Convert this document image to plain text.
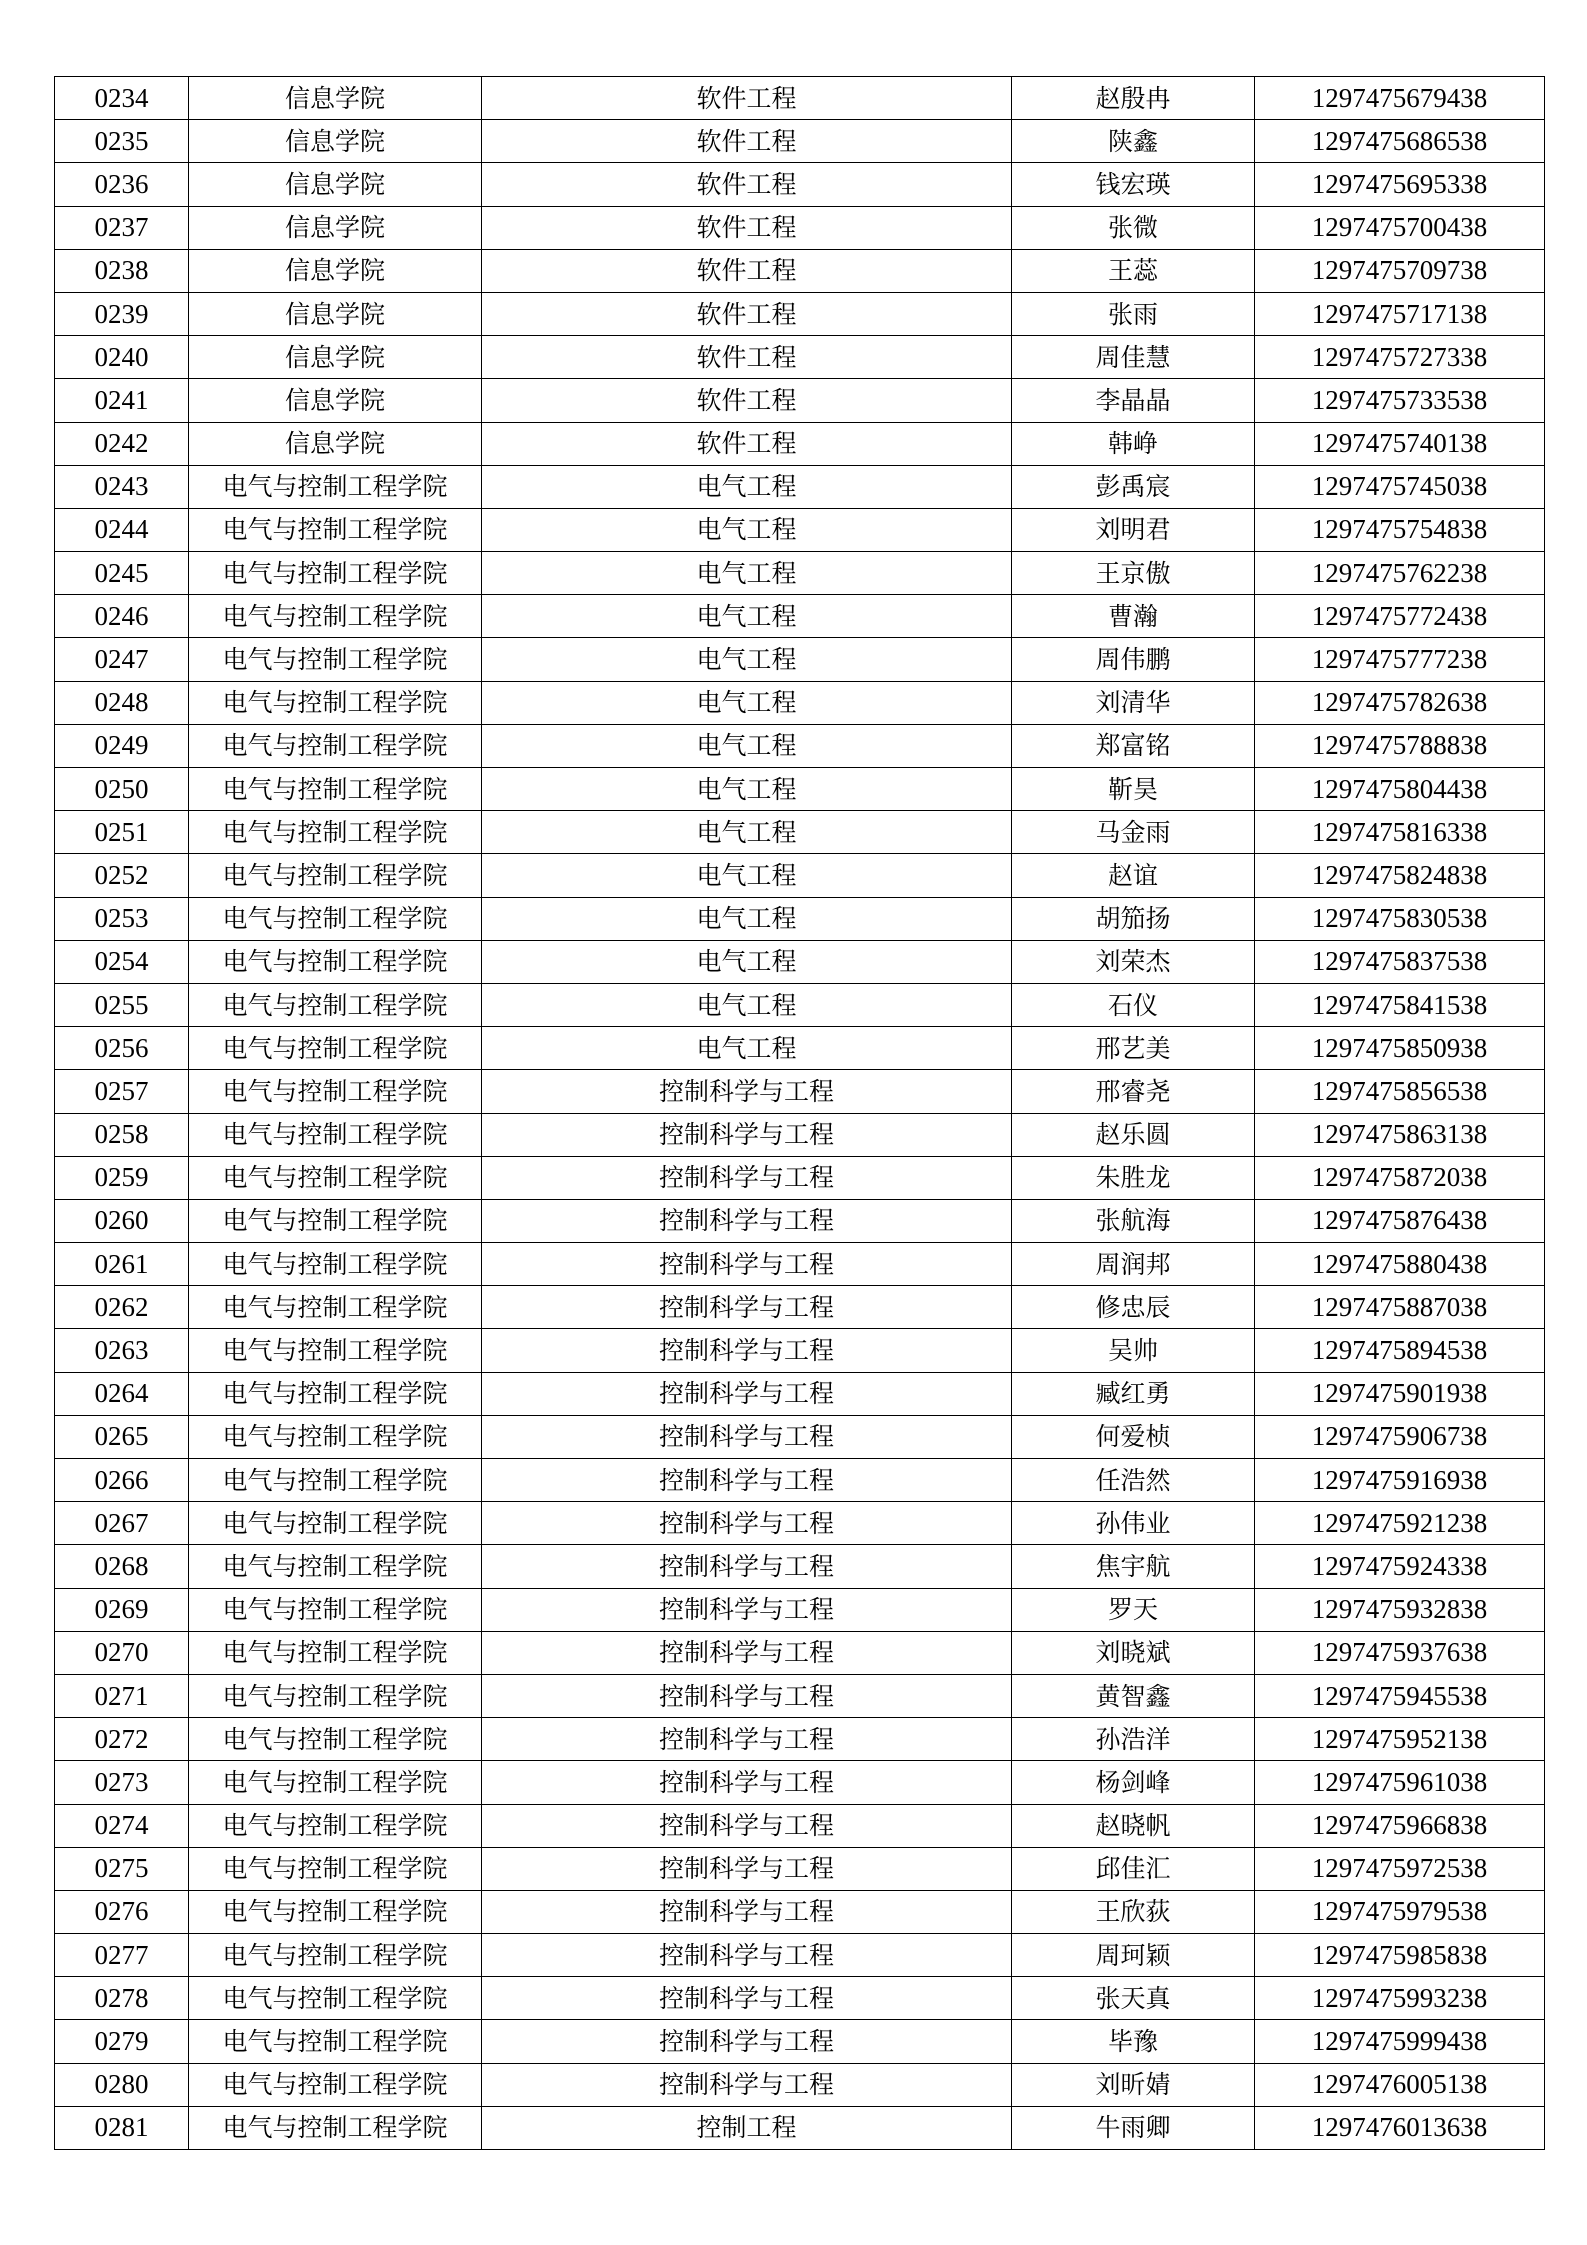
0234	信息学院	软件工程	赵殷冉	1297475679438
0235	信息学院	软件工程	陕鑫	1297475686538
0236	信息学院	软件工程	钱宏瑛	1297475695338
0237	信息学院	软件工程	张微	1297475700438
0238	信息学院	软件工程	王蕊	1297475709738
0239	信息学院	软件工程	张雨	1297475717138
0240	信息学院	软件工程	周佳慧	1297475727338
0241	信息学院	软件工程	李晶晶	1297475733538
0242	信息学院	软件工程	韩峥	1297475740138
0243	电气与控制工程学院	电气工程	彭禹宸	1297475745038
0244	电气与控制工程学院	电气工程	刘明君	1297475754838
0245	电气与控制工程学院	电气工程	王京傲	1297475762238
0246	电气与控制工程学院	电气工程	曹瀚	1297475772438
0247	电气与控制工程学院	电气工程	周伟鹏	1297475777238
0248	电气与控制工程学院	电气工程	刘清华	1297475782638
0249	电气与控制工程学院	电气工程	郑富铭	1297475788838
0250	电气与控制工程学院	电气工程	靳昊	1297475804438
0251	电气与控制工程学院	电气工程	马金雨	1297475816338
0252	电气与控制工程学院	电气工程	赵谊	1297475824838
0253	电气与控制工程学院	电气工程	胡笳扬	1297475830538
0254	电气与控制工程学院	电气工程	刘荣杰	1297475837538
0255	电气与控制工程学院	电气工程	石仪	1297475841538
0256	电气与控制工程学院	电气工程	邢艺美	1297475850938
0257	电气与控制工程学院	控制科学与工程	邢睿尧	1297475856538
0258	电气与控制工程学院	控制科学与工程	赵乐圆	1297475863138
0259	电气与控制工程学院	控制科学与工程	朱胜龙	1297475872038
0260	电气与控制工程学院	控制科学与工程	张航海	1297475876438
0261	电气与控制工程学院	控制科学与工程	周润邦	1297475880438
0262	电气与控制工程学院	控制科学与工程	修忠辰	1297475887038
0263	电气与控制工程学院	控制科学与工程	吴帅	1297475894538
0264	电气与控制工程学院	控制科学与工程	臧红勇	1297475901938
0265	电气与控制工程学院	控制科学与工程	何爱桢	1297475906738
0266	电气与控制工程学院	控制科学与工程	任浩然	1297475916938
0267	电气与控制工程学院	控制科学与工程	孙伟业	1297475921238
0268	电气与控制工程学院	控制科学与工程	焦宇航	1297475924338
0269	电气与控制工程学院	控制科学与工程	罗天	1297475932838
0270	电气与控制工程学院	控制科学与工程	刘晓斌	1297475937638
0271	电气与控制工程学院	控制科学与工程	黄智鑫	1297475945538
0272	电气与控制工程学院	控制科学与工程	孙浩洋	1297475952138
0273	电气与控制工程学院	控制科学与工程	杨剑峰	1297475961038
0274	电气与控制工程学院	控制科学与工程	赵晓帆	1297475966838
0275	电气与控制工程学院	控制科学与工程	邱佳汇	1297475972538
0276	电气与控制工程学院	控制科学与工程	王欣荻	1297475979538
0277	电气与控制工程学院	控制科学与工程	周珂颖	1297475985838
0278	电气与控制工程学院	控制科学与工程	张天真	1297475993238
0279	电气与控制工程学院	控制科学与工程	毕豫	1297475999438
0280	电气与控制工程学院	控制科学与工程	刘昕婧	1297476005138
0281	电气与控制工程学院	控制工程	牛雨卿	1297476013638
